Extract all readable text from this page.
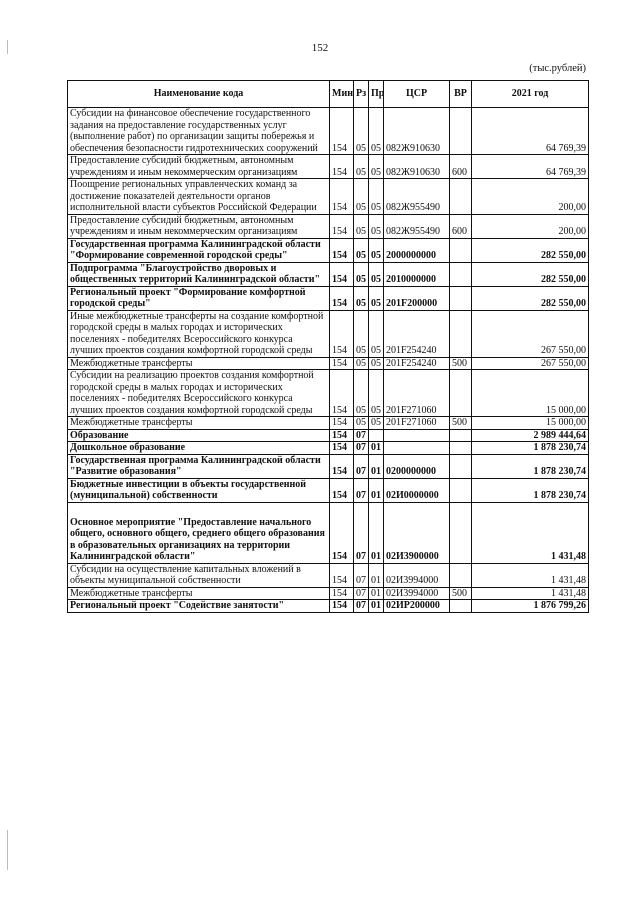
152
(тыс.рублей)
Наименование кода	Мин	Рз	Пр	ЦСР	ВР	2021 год
Субсидии на финансовое обеспечение государственного задания на предоставление государственных услуг (выполнение работ) по организации защиты побережья и обеспечения безопасности гидротехнических сооружений	154	05	05	082Ж910630		64 769,39
Предоставление субсидий бюджетным, автономным учреждениям и иным некоммерческим организациям	154	05	05	082Ж910630	600	64 769,39
Поощрение региональных управленческих команд за достижение показателей деятельности органов исполнительной власти субъектов Российской Федерации	154	05	05	082Ж955490		200,00
Предоставление субсидий бюджетным, автономным учреждениям и иным некоммерческим организациям	154	05	05	082Ж955490	600	200,00
Государственная программа Калининградской области "Формирование современной городской среды"	154	05	05	2000000000		282 550,00
Подпрограмма "Благоустройство дворовых и общественных территорий Калининградской области"	154	05	05	2010000000		282 550,00
Региональный проект "Формирование комфортной городской среды"	154	05	05	201F200000		282 550,00
Иные межбюджетные трансферты на создание комфортной городской среды в малых городах и исторических поселениях - победителях Всероссийского конкурса лучших проектов создания комфортной городской среды	154	05	05	201F254240		267 550,00
Межбюджетные трансферты	154	05	05	201F254240	500	267 550,00
Субсидии на реализацию проектов создания комфортной городской среды в малых городах и исторических поселениях - победителях Всероссийского конкурса лучших проектов создания комфортной городской среды	154	05	05	201F271060		15 000,00
Межбюджетные трансферты	154	05	05	201F271060	500	15 000,00
Образование	154	07				2 989 444,64
Дошкольное образование	154	07	01			1 878 230,74
Государственная программа Калининградской области "Развитие образования"	154	07	01	0200000000		1 878 230,74
Бюджетные инвестиции в объекты государственной (муниципальной) собственности	154	07	01	02И0000000		1 878 230,74
Основное мероприятие "Предоставление начального общего, основного общего, среднего общего образования в образовательных организациях на территории Калининградской области"	154	07	01	02И3900000		1 431,48
Субсидии на осуществление капитальных вложений в объекты муниципальной собственности	154	07	01	02И3994000		1 431,48
Межбюджетные трансферты	154	07	01	02И3994000	500	1 431,48
Региональный проект "Содействие занятости"	154	07	01	02ИP200000		1 876 799,26
